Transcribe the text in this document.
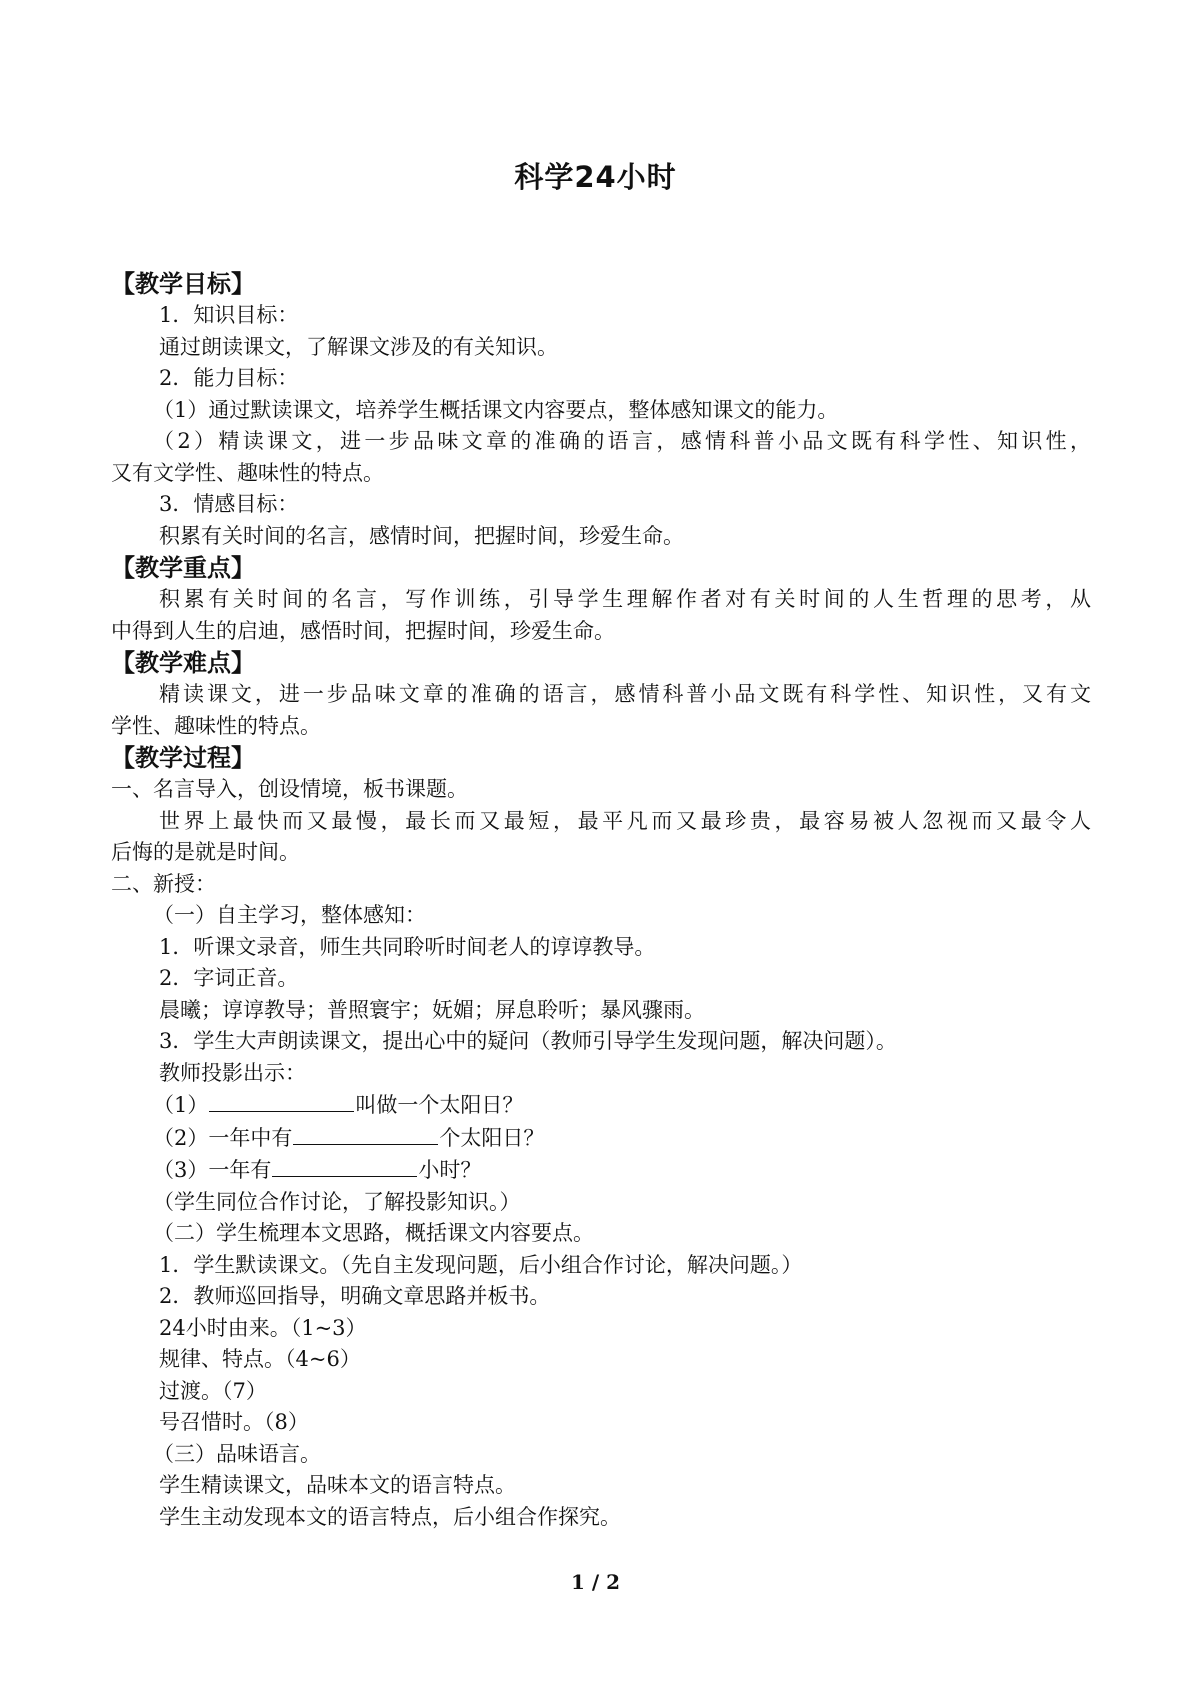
科学24小时
【教学目标】
1．知识目标：
通过朗读课文，了解课文涉及的有关知识。
2．能力目标：
（1）通过默读课文，培养学生概括课文内容要点，整体感知课文的能力。
（2）精读课文，进一步品味文章的准确的语言，感情科普小品文既有科学性、知识性，
又有文学性、趣味性的特点。
3．情感目标：
积累有关时间的名言，感情时间，把握时间，珍爱生命。
【教学重点】
积累有关时间的名言，写作训练，引导学生理解作者对有关时间的人生哲理的思考，从
中得到人生的启迪，感悟时间，把握时间，珍爱生命。
【教学难点】
精读课文，进一步品味文章的准确的语言，感情科普小品文既有科学性、知识性，又有文
学性、趣味性的特点。
【教学过程】
一、名言导入，创设情境，板书课题。
世界上最快而又最慢，最长而又最短，最平凡而又最珍贵，最容易被人忽视而又最令人
后悔的是就是时间。
二、新授：
（一）自主学习，整体感知：
1．听课文录音，师生共同聆听时间老人的谆谆教导。
2．字词正音。
晨曦；谆谆教导；普照寰宇；妩媚；屏息聆听；暴风骤雨。
3．学生大声朗读课文，提出心中的疑问（教师引导学生发现问题，解决问题）。
教师投影出示：
（1）	叫做一个太阳日？
（2）一年中有	个太阳日？
（3）一年有	小时？
（学生同位合作讨论，了解投影知识。）
（二）学生梳理本文思路，概括课文内容要点。
1．学生默读课文。（先自主发现问题，后小组合作讨论，解决问题。）
2．教师巡回指导，明确文章思路并板书。
24小时由来。（1~3）
规律、特点。（4~6）
过渡。（7）
号召惜时。（8）
（三）品味语言。
学生精读课文，品味本文的语言特点。
学生主动发现本文的语言特点，后小组合作探究。
1 / 2
